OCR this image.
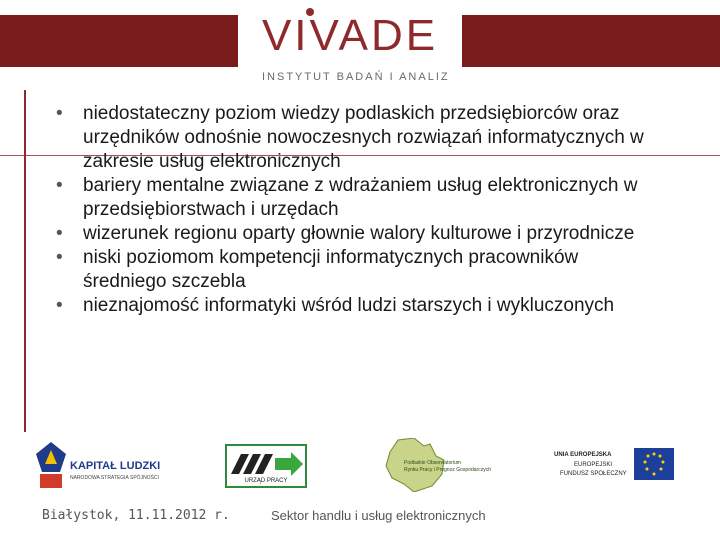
VIVADE
INSTYTUT BADAŃ I ANALIZ
• niedostateczny poziom wiedzy podlaskich przedsiębiorców oraz urzędników odnośnie nowoczesnych rozwiązań informatycznych w zakresie usług elektronicznych
• bariery mentalne związane z wdrażaniem usług elektronicznych w przedsiębiorstwach i urzędach
• wizerunek regionu oparty głownie walory kulturowe i przyrodnicze
• niski poziomom kompetencji informatycznych pracowników średniego szczebla
• nieznajomość informatyki wśród ludzi starszych i wykluczonych
KAPITAŁ LUDZKI
NARODOWA STRATEGIA SPÓJNOŚCI	URZĄD PRACY
Podlaskie Obserwatorium
Rynku Pracy i Prognoz Gospodarczych
UNIA EUROPEJSKA
EUROPEJSKI
FUNDUSZ SPOŁECZNY
Białystok, 11.11.2012 r.	Sektor handlu i usług elektronicznych
